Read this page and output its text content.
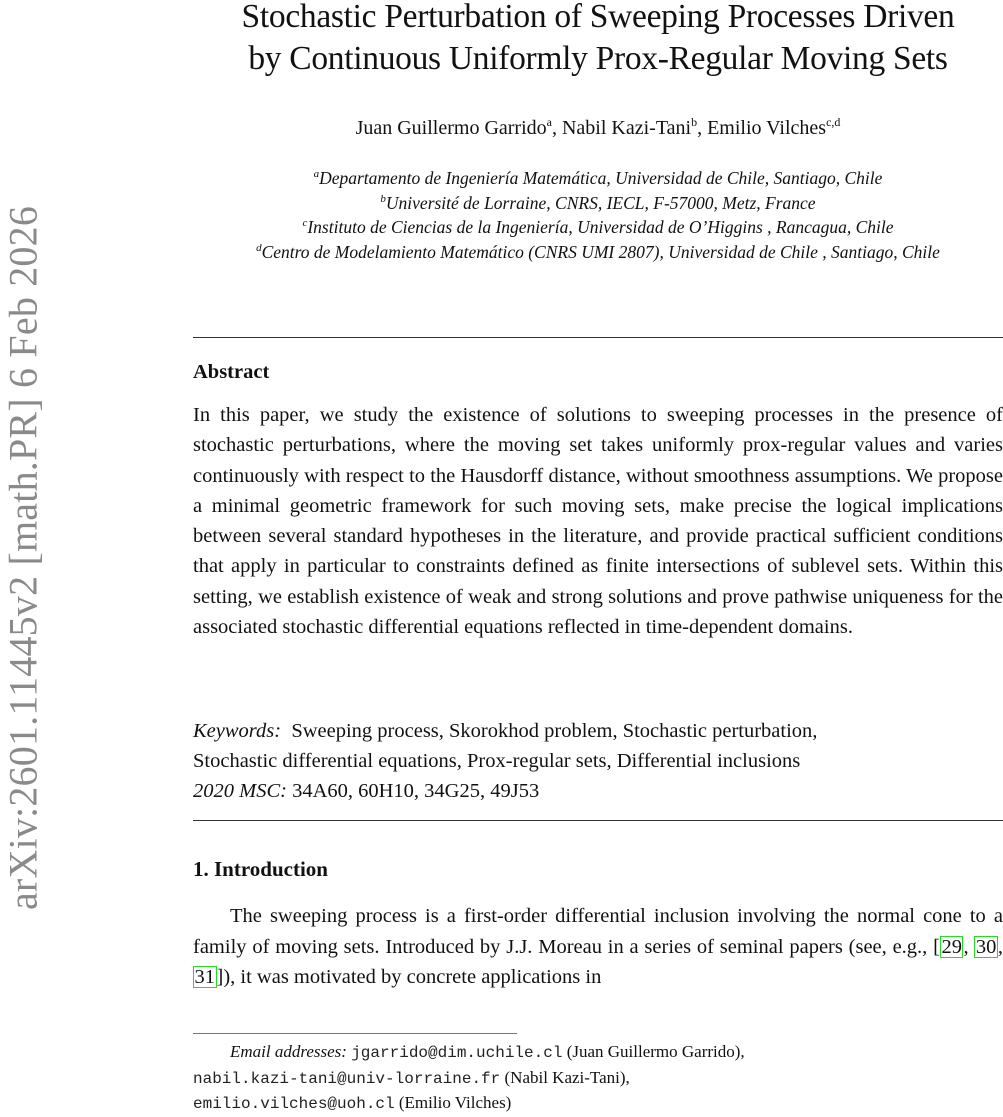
arXiv:2601.11445v2 [math.PR] 6 Feb 2026
Stochastic Perturbation of Sweeping Processes Driven
by Continuous Uniformly Prox-Regular Moving Sets
Juan Guillermo Garrido$^a$, Nabil Kazi-Tani$^b$, Emilio Vilches$^{c,d}$
$^a$Departamento de Ingeniería Matemática, Universidad de Chile, Santiago, Chile
$^b$Université de Lorraine, CNRS, IECL, F-57000, Metz, France
$^c$Instituto de Ciencias de la Ingeniería, Universidad de O’Higgins , Rancagua, Chile
$^d$Centro de Modelamiento Matemático (CNRS UMI 2807), Universidad de Chile , Santiago, Chile
Abstract
In this paper, we study the existence of solutions to sweeping processes in the presence of stochastic perturbations, where the moving set takes uniformly prox-regular values and varies continuously with respect to the Hausdorff distance, without smoothness assumptions. We propose a minimal geometric framework for such moving sets, make precise the logical implications between several standard hypotheses in the literature, and provide practical sufficient conditions that apply in particular to constraints defined as finite intersections of sublevel sets. Within this setting, we establish existence of weak and strong solutions and prove pathwise uniqueness for the associated stochastic differential equations reflected in time-dependent domains.
Keywords: Sweeping process, Skorokhod problem, Stochastic perturbation,
Stochastic differential equations, Prox-regular sets, Differential inclusions
2020 MSC: 34A60, 60H10, 34G25, 49J53
1. Introduction
The sweeping process is a first-order differential inclusion involving the normal cone to a family of moving sets. Introduced by J.J. Moreau in a series of seminal papers (see, e.g., [29, 30, 31]), it was motivated by concrete applications in
Email addresses: jgarrido@dim.uchile.cl (Juan Guillermo Garrido),
nabil.kazi-tani@univ-lorraine.fr (Nabil Kazi-Tani),
emilio.vilches@uoh.cl (Emilio Vilches)
